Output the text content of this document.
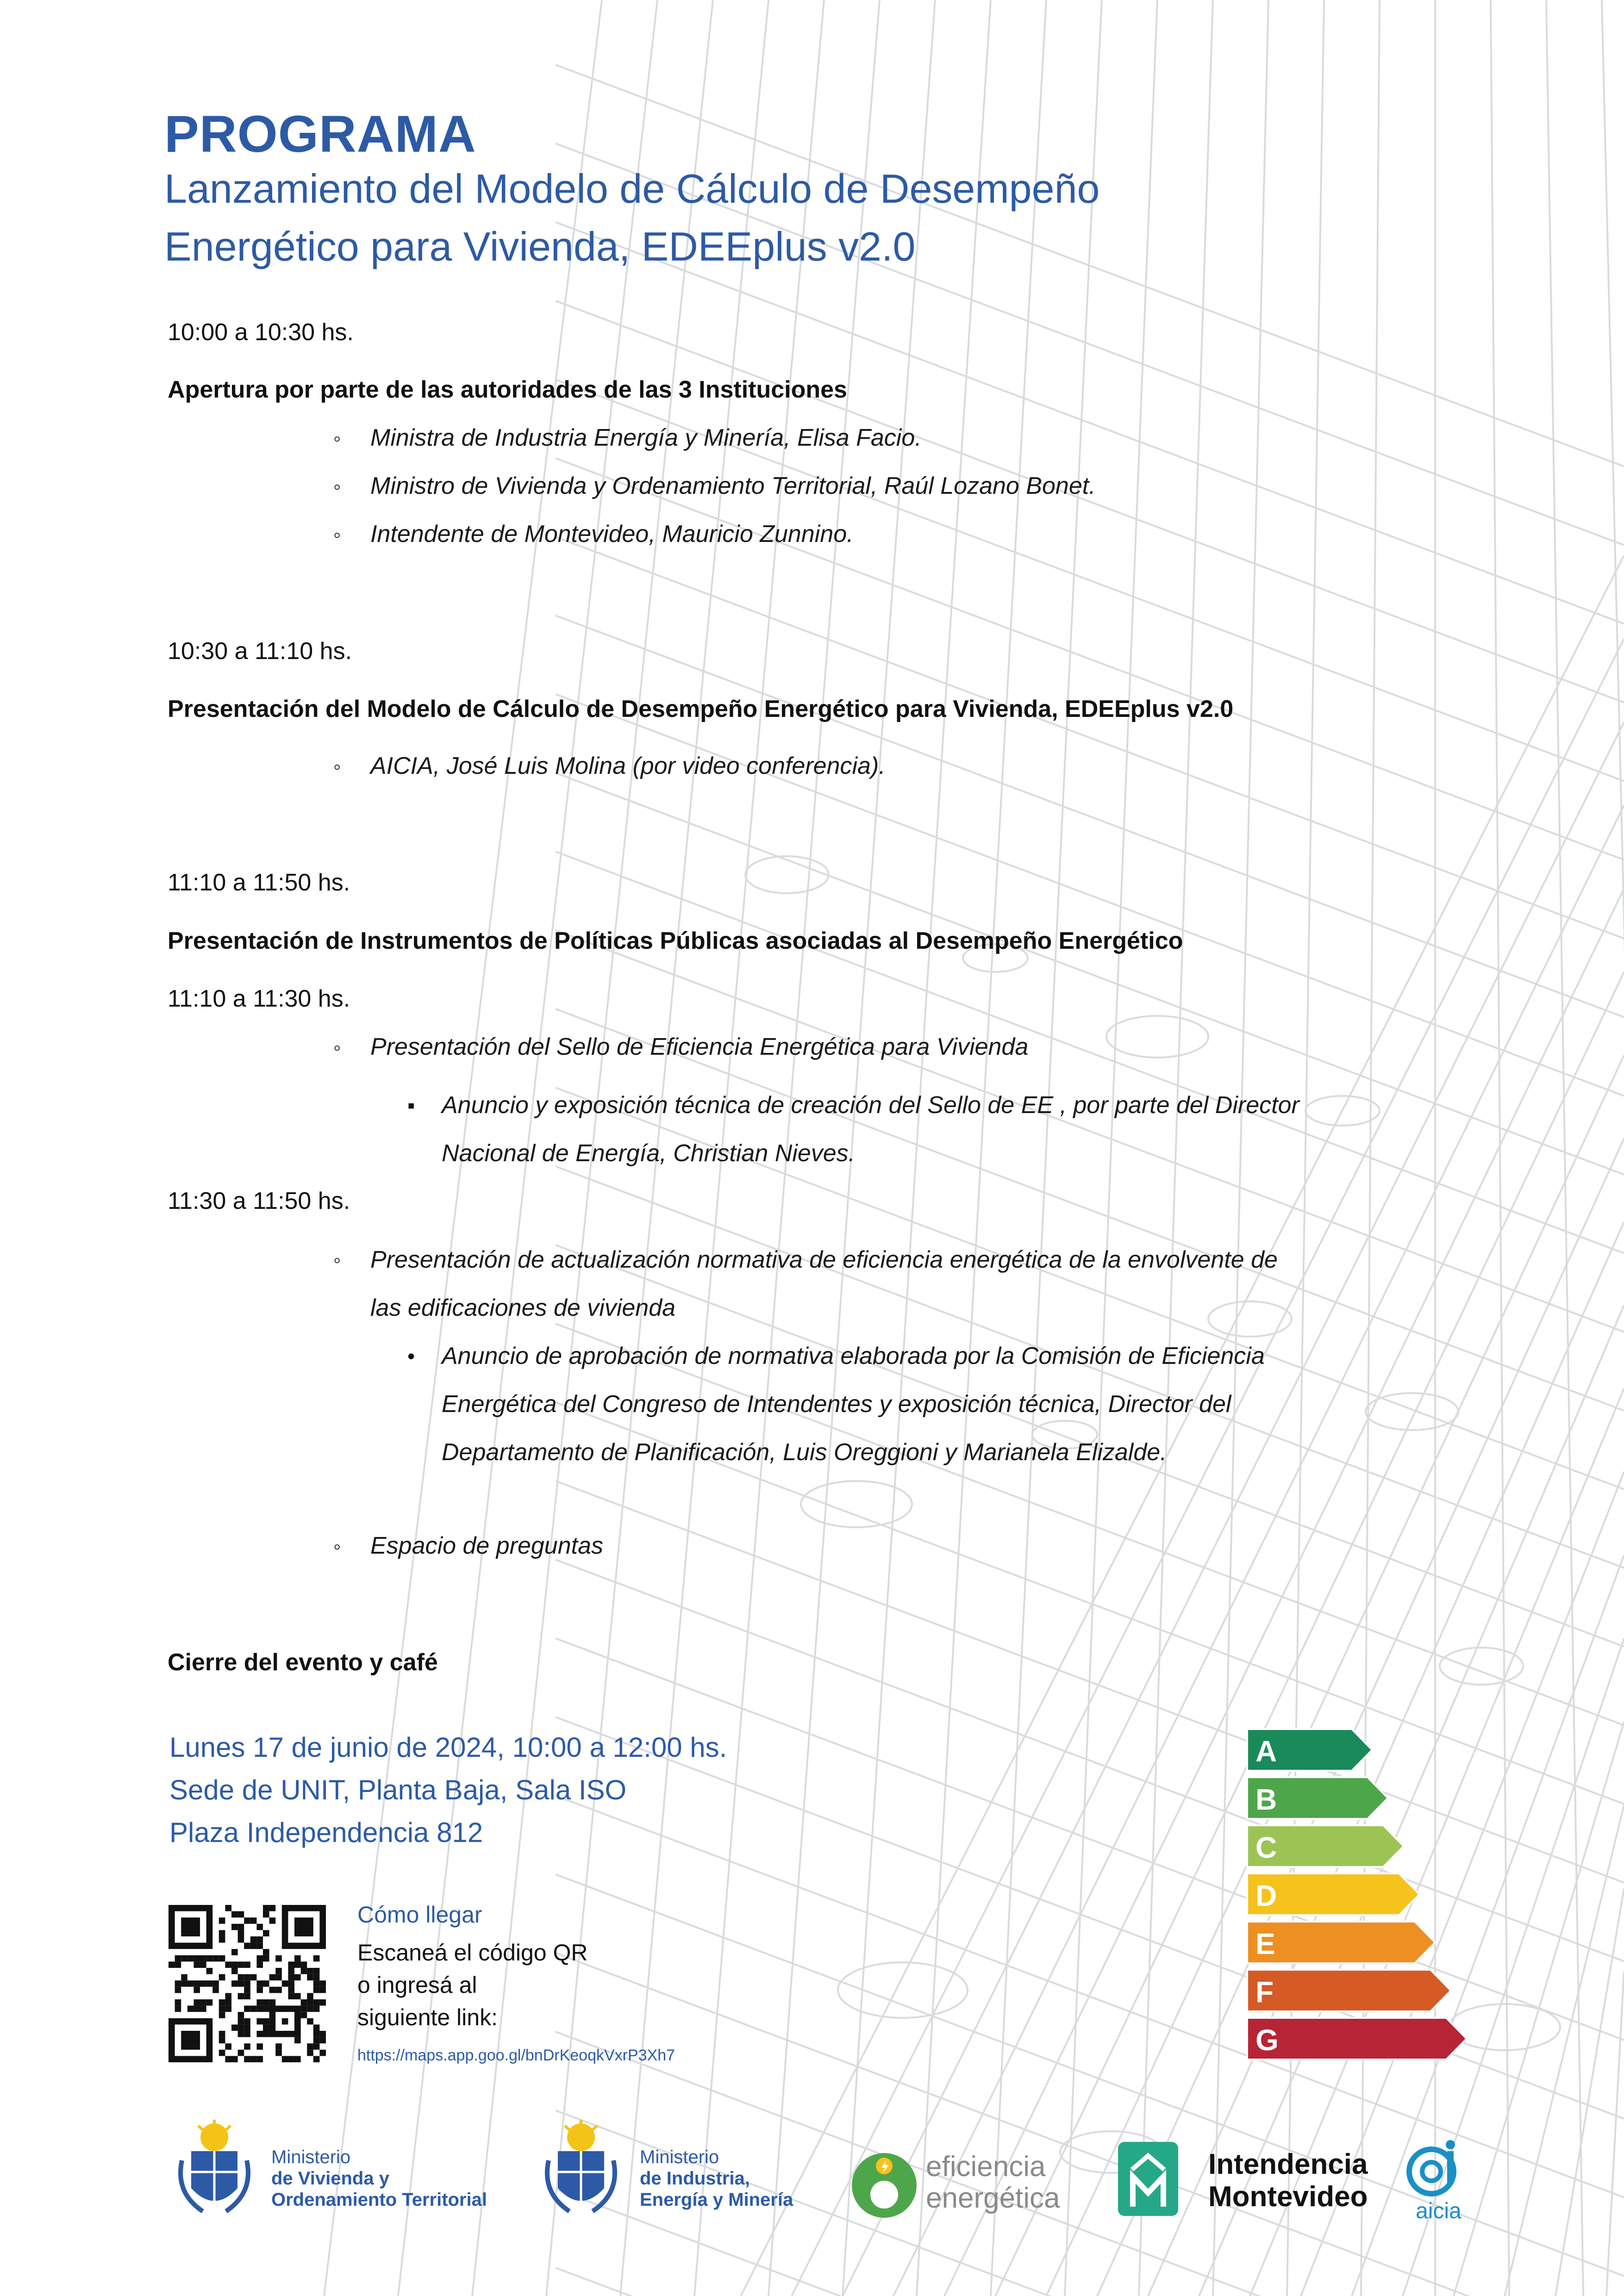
PROGRAMA
Lanzamiento del Modelo de Cálculo de Desempeño
Energético para Vivienda, EDEEplus v2.0
10:00 a 10:30 hs.
Apertura por parte de las autoridades de las 3 Instituciones
◦ Ministra de Industria Energía y Minería, Elisa Facio.
◦ Ministro de Vivienda y Ordenamiento Territorial, Raúl Lozano Bonet.
◦ Intendente de Montevideo, Mauricio Zunnino.
10:30 a 11:10 hs.
Presentación del Modelo de Cálculo de Desempeño Energético para Vivienda, EDEEplus v2.0
◦ AICIA, José Luis Molina (por video conferencia).
11:10 a 11:50 hs.
Presentación de Instrumentos de Políticas Públicas asociadas al Desempeño Energético
11:10 a 11:30 hs.
◦ Presentación del Sello de Eficiencia Energética para Vivienda
▪ Anuncio y exposición técnica de creación del Sello de EE , por parte del Director
Nacional de Energía, Christian Nieves.
11:30 a 11:50 hs.
◦ Presentación de actualización normativa de eficiencia energética de la envolvente de
las edificaciones de vivienda
• Anuncio de aprobación de normativa elaborada por la Comisión de Eficiencia
Energética del Congreso de Intendentes y exposición técnica, Director del
Departamento de Planificación, Luis Oreggioni y Marianela Elizalde.
◦ Espacio de preguntas
Cierre del evento y café
Lunes 17 de junio de 2024, 10:00 a 12:00 hs.
Sede de UNIT, Planta Baja, Sala ISO
Plaza Independencia 812
Cómo llegar
Escaneá el código QR
o ingresá al
siguiente link:
https://maps.app.goo.gl/bnDrKeoqkVxrP3Xh7
A
B
C
D
E
F
G
Ministerio
de Vivienda y
Ordenamiento Territorial
Ministerio
de Industria,
Energía y Minería
eficiencia
energética
Intendencia
Montevideo	aicia
